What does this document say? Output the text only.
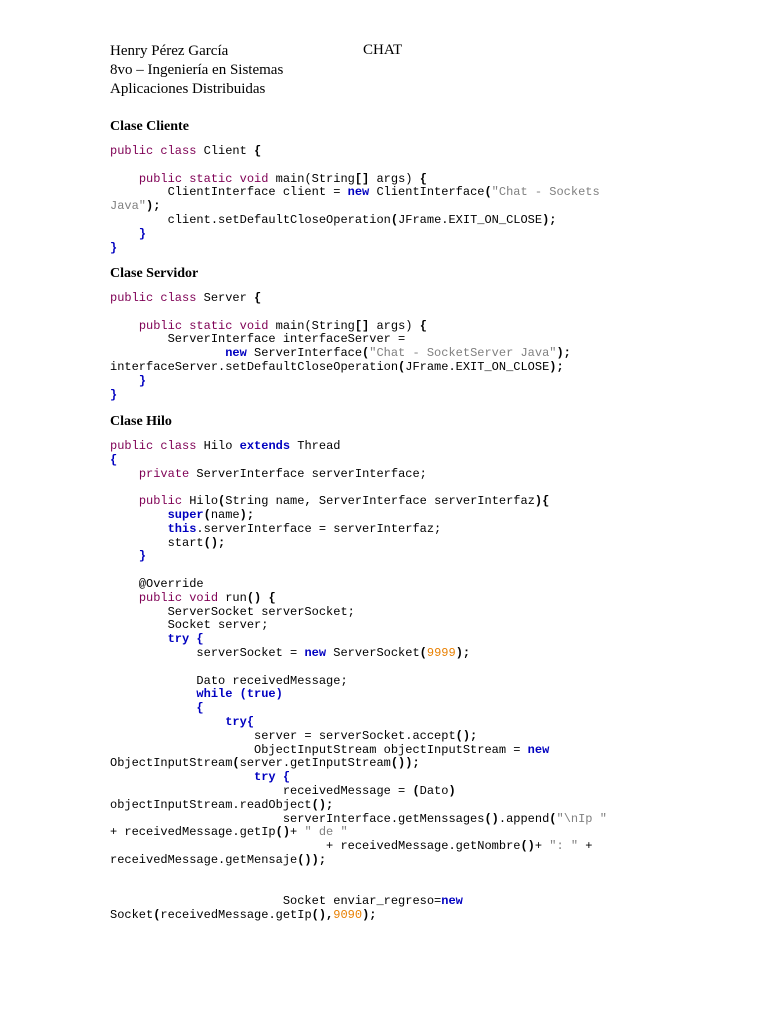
Henry Pérez García
8vo – Ingeniería en Sistemas
Aplicaciones Distribuidas
CHAT
Clase Cliente
public class Client {

public static void main(String[] args) {
ClientInterface client = new ClientInterface("Chat - Sockets
Java");
client.setDefaultCloseOperation(JFrame.EXIT_ON_CLOSE);
}
}
Clase Servidor
public class Server {

public static void main(String[] args) {
ServerInterface interfaceServer =
new ServerInterface("Chat - SocketServer Java");
interfaceServer.setDefaultCloseOperation(JFrame.EXIT_ON_CLOSE);
}
}
Clase Hilo
public class Hilo extends Thread
{
private ServerInterface serverInterface;

public Hilo(String name, ServerInterface serverInterfaz){
super(name);
this.serverInterface = serverInterfaz;
start();
}

@Override
public void run() {
ServerSocket serverSocket;
Socket server;
try {
serverSocket = new ServerSocket(9999);

Dato receivedMessage;
while (true)
{
try{
server = serverSocket.accept();
ObjectInputStream objectInputStream = new
ObjectInputStream(server.getInputStream());
try {
receivedMessage = (Dato)
objectInputStream.readObject();
serverInterface.getMenssages().append("\nIp "
+ receivedMessage.getIp()+ " de "
+ receivedMessage.getNombre()+ ": " +
receivedMessage.getMensaje());

Socket enviar_regreso=new
Socket(receivedMessage.getIp(),9090);
